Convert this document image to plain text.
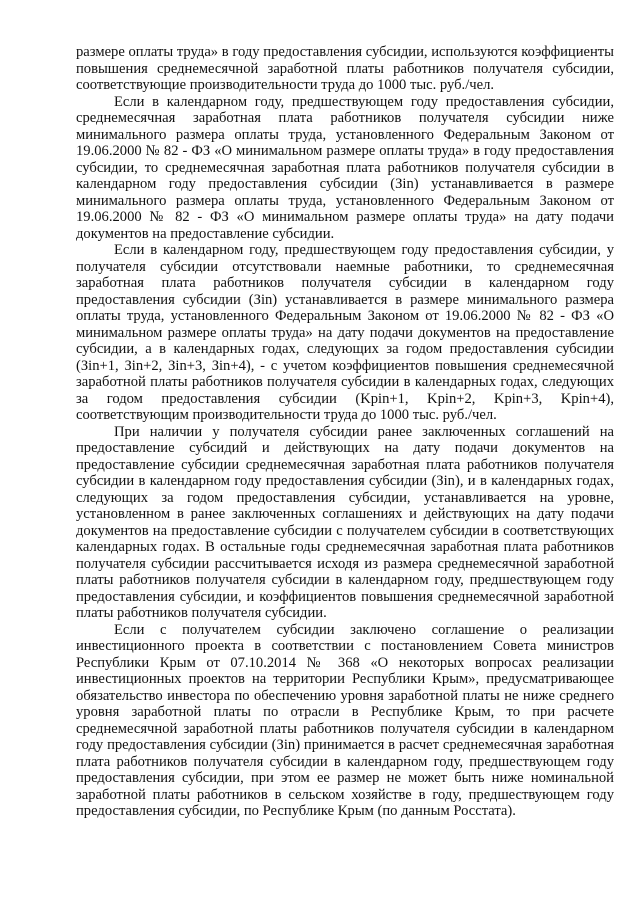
размере оплаты труда» в году предоставления субсидии, используются коэффициенты повышения среднемесячной заработной платы работников получателя субсидии, соответствующие производительности труда до 1000 тыс. руб./чел.

Если в календарном году, предшествующем году предоставления субсидии, среднемесячная заработная плата работников получателя субсидии ниже минимального размера оплаты труда, установленного Федеральным Законом от 19.06.2000 № 82 - ФЗ «О минимальном размере оплаты труда» в году предоставления субсидии, то среднемесячная заработная плата работников получателя субсидии в календарном году предоставления субсидии (Зin) устанавливается в размере минимального размера оплаты труда, установленного Федеральным Законом от 19.06.2000 № 82 - ФЗ «О минимальном размере оплаты труда» на дату подачи документов на предоставление субсидии.

Если в календарном году, предшествующем году предоставления субсидии, у получателя субсидии отсутствовали наемные работники, то среднемесячная заработная плата работников получателя субсидии в календарном году предоставления субсидии (Зin) устанавливается в размере минимального размера оплаты труда, установленного Федеральным Законом от 19.06.2000 № 82 - ФЗ «О минимальном размере оплаты труда» на дату подачи документов на предоставление субсидии, а в календарных годах, следующих за годом предоставления субсидии (Зin+1, Зin+2, Зin+3, Зin+4), - с учетом коэффициентов повышения среднемесячной заработной платы работников получателя субсидии в календарных годах, следующих за годом предоставления субсидии (Kpin+1, Kpin+2, Kpin+3, Kpin+4), соответствующим производительности труда до 1000 тыс. руб./чел.

При наличии у получателя субсидии ранее заключенных соглашений на предоставление субсидий и действующих на дату подачи документов на предоставление субсидии среднемесячная заработная плата работников получателя субсидии в календарном году предоставления субсидии (Зin), и в календарных годах, следующих за годом предоставления субсидии, устанавливается на уровне, установленном в ранее заключенных соглашениях и действующих на дату подачи документов на предоставление субсидии с получателем субсидии в соответствующих календарных годах. В остальные годы среднемесячная заработная плата работников получателя субсидии рассчитывается исходя из размера среднемесячной заработной платы работников получателя субсидии в календарном году, предшествующем году предоставления субсидии, и коэффициентов повышения среднемесячной заработной платы работников получателя субсидии.

Если с получателем субсидии заключено соглашение о реализации инвестиционного проекта в соответствии с постановлением Совета министров Республики Крым от 07.10.2014 № 368 «О некоторых вопросах реализации инвестиционных проектов на территории Республики Крым», предусматривающее обязательство инвестора по обеспечению уровня заработной платы не ниже среднего уровня заработной платы по отрасли в Республике Крым, то при расчете среднемесячной заработной платы работников получателя субсидии в календарном году предоставления субсидии (Зin) принимается в расчет среднемесячная заработная плата работников получателя субсидии в календарном году, предшествующем году предоставления субсидии, при этом ее размер не может быть ниже номинальной заработной платы работников в сельском хозяйстве в году, предшествующем году предоставления субсидии, по Республике Крым (по данным Росстата).
